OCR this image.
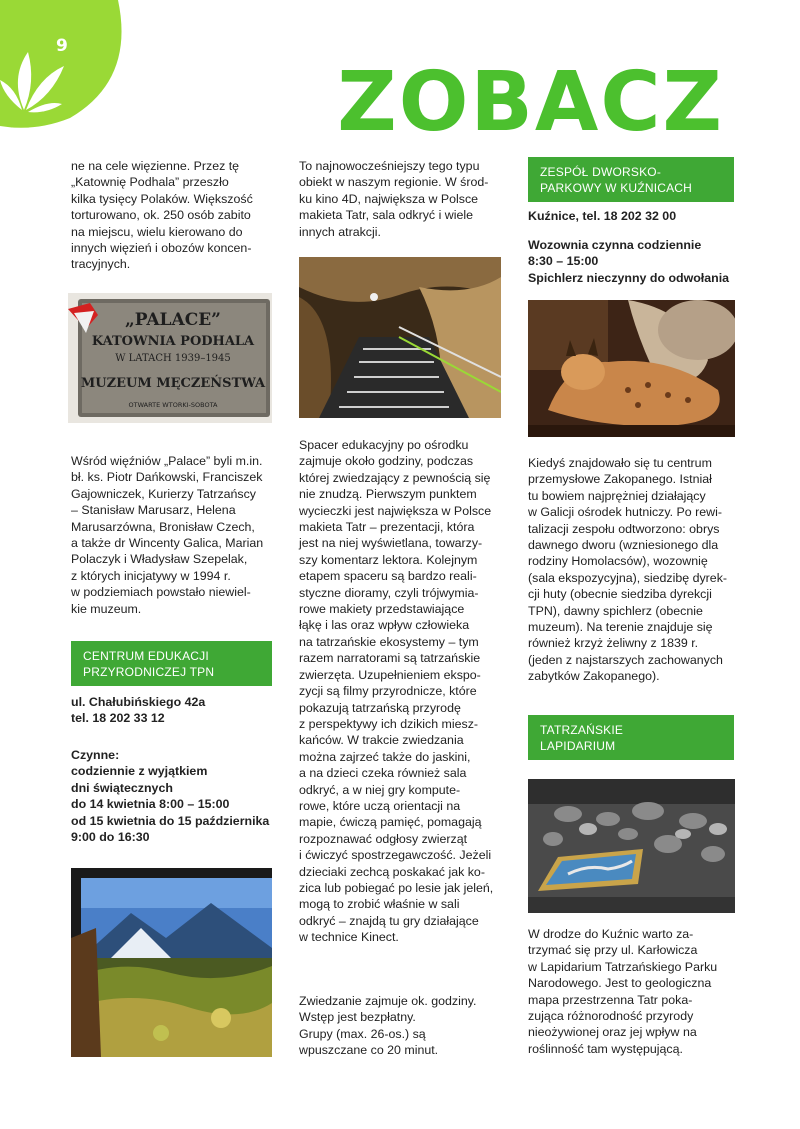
9
ZOBACZ
ne na cele więzienne. Przez tę
„Katownię Podhala” przeszło
kilka tysięcy Polaków. Większość
torturowano, ok. 250 osób zabito
na miejscu, wielu kierowano do
innych więzień i obozów koncen-
tracyjnych.
„PALACE”
KATOWNIA PODHALA
W LATACH 1939–1945
MUZEUM MĘCZEŃSTWA
OTWARTE WTORKI-SOBOTA
Wśród więźniów „Palace” byli m.in.
bł. ks. Piotr Dańkowski, Franciszek
Gajowniczek, Kurierzy Tatrzańscy
– Stanisław Marusarz, Helena
Marusarzówna, Bronisław Czech,
a także dr Wincenty Galica, Marian
Polaczyk i Władysław Szepelak,
z których inicjatywy w 1994 r.
w podziemiach powstało niewiel-
kie muzeum.
CENTRUM EDUKACJI
PRZYRODNICZEJ TPN
ul. Chałubińskiego 42a
tel. 18 202 33 12
Czynne:
codziennie z wyjątkiem
dni świątecznych
do 14 kwietnia 8:00 – 15:00
od 15 kwietnia do 15 października
9:00 do 16:30
To najnowocześniejszy tego typu
obiekt w naszym regionie. W środ-
ku kino 4D, największa w Polsce
makieta Tatr, sala odkryć i wiele
innych atrakcji.
Spacer edukacyjny po ośrodku
zajmuje około godziny, podczas
której zwiedzający z pewnością się
nie znudzą. Pierwszym punktem
wycieczki jest największa w Polsce
makieta Tatr – prezentacji, która
jest na niej wyświetlana, towarzy-
szy komentarz lektora. Kolejnym
etapem spaceru są bardzo reali-
styczne dioramy, czyli trójwymia-
rowe makiety przedstawiające
łąkę i las oraz wpływ człowieka
na tatrzańskie ekosystemy – tym
razem narratorami są tatrzańskie
zwierzęta. Uzupełnieniem ekspo-
zycji są filmy przyrodnicze, które
pokazują tatrzańską przyrodę
z perspektywy ich dzikich miesz-
kańców. W trakcie zwiedzania
można zajrzeć także do jaskini,
a na dzieci czeka również sala
odkryć, a w niej gry kompute-
rowe, które uczą orientacji na
mapie, ćwiczą pamięć, pomagają
rozpoznawać odgłosy zwierząt
i ćwiczyć spostrzegawczość. Jeżeli
dzieciaki zechcą poskakać jak ko-
zica lub pobiegać po lesie jak jeleń,
mogą to zrobić właśnie w sali
odkryć – znajdą tu gry działające
w technice Kinect.
Zwiedzanie zajmuje ok. godziny.
Wstęp jest bezpłatny.
Grupy (max. 26-os.) są
wpuszczane co 20 minut.
ZESPÓŁ DWORSKO-
PARKOWY W KUŹNICACH
Kuźnice, tel. 18 202 32 00
Wozownia czynna codziennie
8:30 – 15:00
Spichlerz nieczynny do odwołania
Kiedyś znajdowało się tu centrum
przemysłowe Zakopanego. Istniał
tu bowiem najprężniej działający
w Galicji ośrodek hutniczy. Po rewi-
talizacji zespołu odtworzono: obrys
dawnego dworu (wzniesionego dla
rodziny Homolacsów), wozownię
(sala ekspozycyjna), siedzibę dyrek-
cji huty (obecnie siedziba dyrekcji
TPN), dawny spichlerz (obecnie
muzeum). Na terenie znajduje się
również krzyż żeliwny z 1839 r.
(jeden z najstarszych zachowanych
zabytków Zakopanego).
TATRZAŃSKIE
LAPIDARIUM
W drodze do Kuźnic warto za-
trzymać się przy ul. Karłowicza
w Lapidarium Tatrzańskiego Parku
Narodowego. Jest to geologiczna
mapa przestrzenna Tatr poka-
zująca różnorodność przyrody
nieożywionej oraz jej wpływ na
roślinność tam występującą.
